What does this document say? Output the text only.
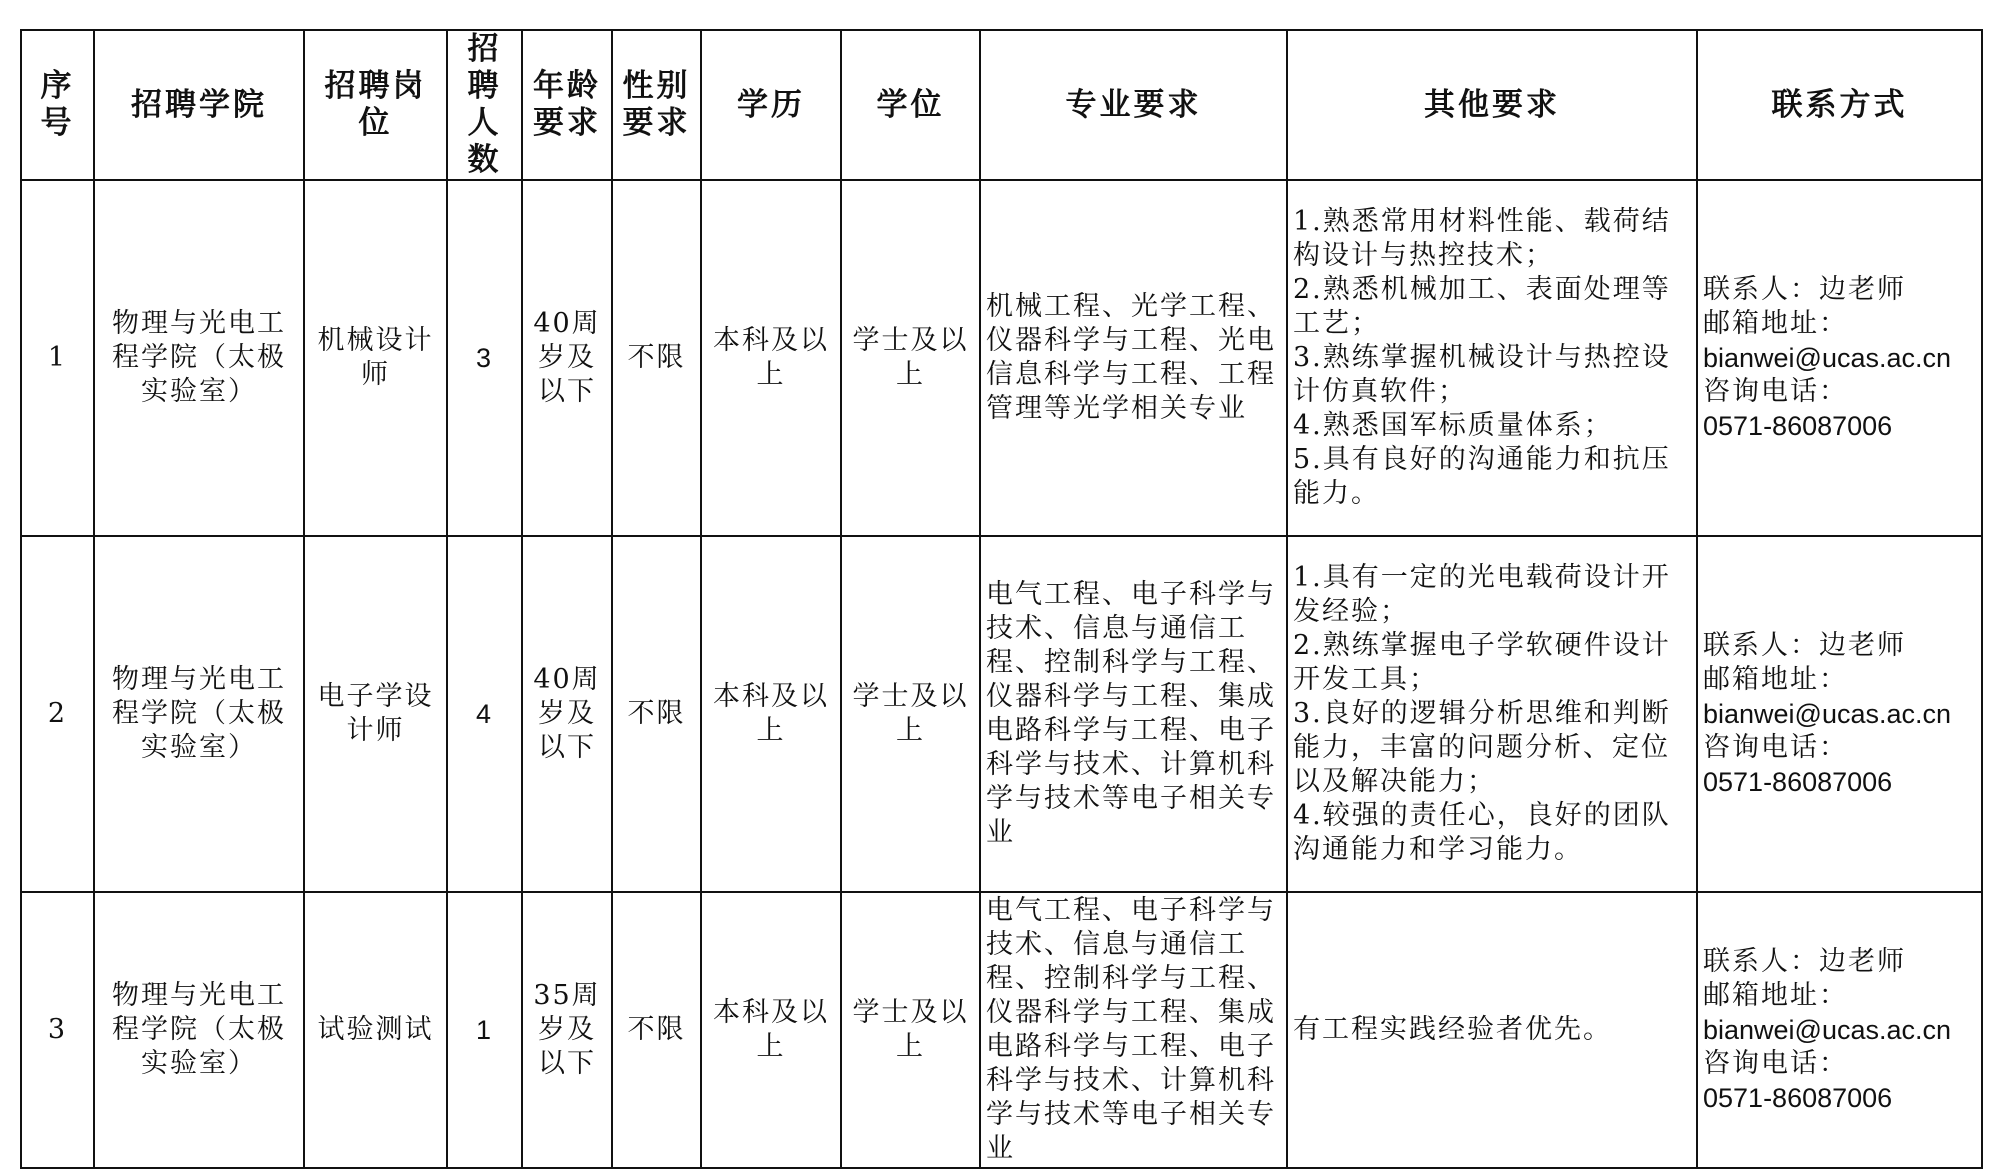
序号	招聘学院	招聘岗位	招聘人数	年龄要求	性别要求	学历	学位	专业要求	其他要求	联系方式
1	物理与光电工程学院（太极实验室）	机械设计师	3	40周岁及以下	不限	本科及以上	学士及以上	机械工程、光学工程、仪器科学与工程、光电信息科学与工程、工程管理等光学相关专业	1.熟悉常用材料性能、载荷结构设计与热控技术；
2.熟悉机械加工、表面处理等工艺；
3.熟练掌握机械设计与热控设计仿真软件；
4.熟悉国军标质量体系；
5.具有良好的沟通能力和抗压能力。	联系人：边老师
邮箱地址：
bianwei@ucas.ac.cn
咨询电话：
0571-86087006

2	物理与光电工程学院（太极实验室）	电子学设计师	4	40周岁及以下	不限	本科及以上	学士及以上	电气工程、电子科学与技术、信息与通信工程、控制科学与工程、仪器科学与工程、集成电路科学与工程、电子科学与技术、计算机科学与技术等电子相关专业	1.具有一定的光电载荷设计开发经验；
2.熟练掌握电子学软硬件设计开发工具；
3.良好的逻辑分析思维和判断能力，丰富的问题分析、定位以及解决能力；
4.较强的责任心，良好的团队沟通能力和学习能力。	联系人：边老师
邮箱地址：
bianwei@ucas.ac.cn
咨询电话：
0571-86087006

3	物理与光电工程学院（太极实验室）	试验测试	1	35周岁及以下	不限	本科及以上	学士及以上	电气工程、电子科学与技术、信息与通信工程、控制科学与工程、仪器科学与工程、集成电路科学与工程、电子科学与技术、计算机科学与技术等电子相关专业	有工程实践经验者优先。	联系人：边老师
邮箱地址：
bianwei@ucas.ac.cn
咨询电话：
0571-86087006
